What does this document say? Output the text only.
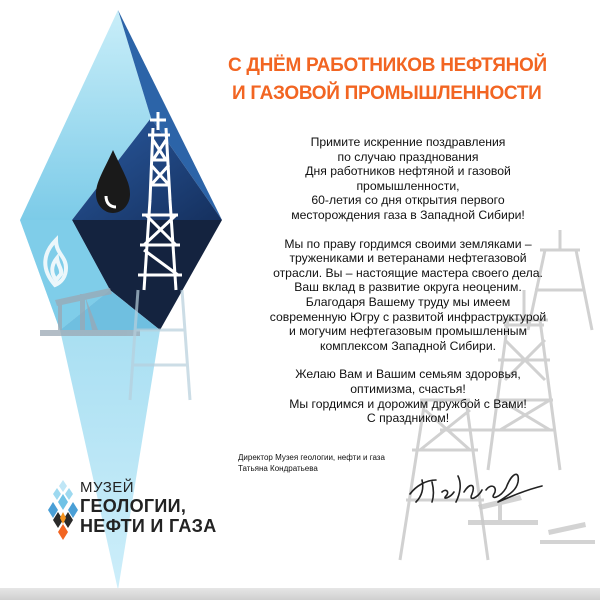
С ДНЁМ РАБОТНИКОВ НЕФТЯНОЙ
И ГАЗОВОЙ ПРОМЫШЛЕННОСТИ

Примите искренние поздравления
по случаю празднования
Дня работников нефтяной и газовой
промышленности,
60-летия со дня открытия первого
месторождения газа в Западной Сибири!

Мы по праву гордимся своими земляками –
тружениками и ветеранами нефтегазовой
отрасли. Вы – настоящие мастера своего дела.
Ваш вклад в развитие округа неоценим.
Благодаря Вашему труду мы имеем
современную Югру с развитой инфраструктурой
и могучим нефтегазовым промышленным
комплексом Западной Сибири.

Желаю Вам и Вашим семьям здоровья,
оптимизма, счастья!
Мы гордимся и дорожим дружбой с Вами!
С праздником!

Директор Музея геологии, нефти и газа
Татьяна Кондратьева
МУЗЕЙ
ГЕОЛОГИИ,
НЕФТИ И ГАЗА
